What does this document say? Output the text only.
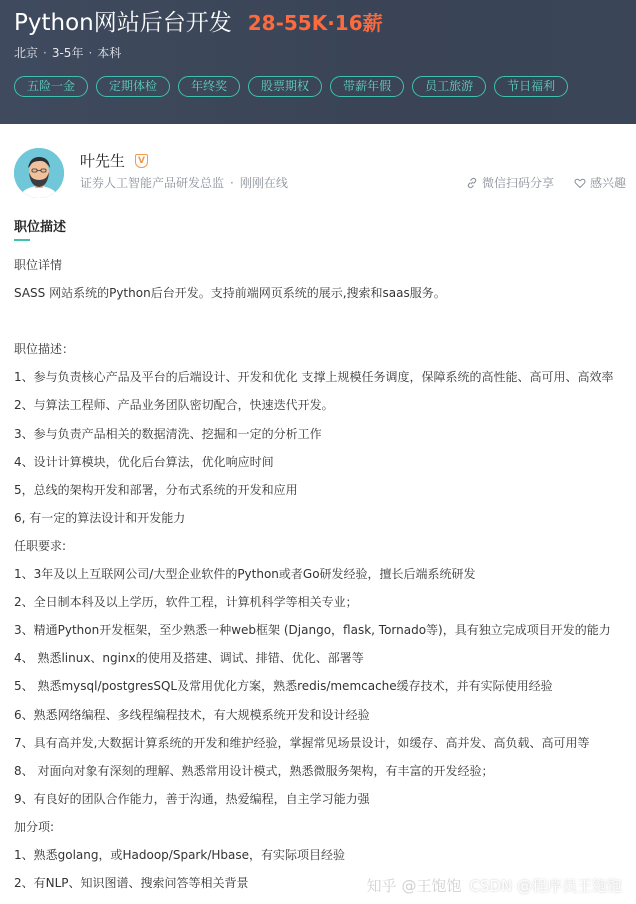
Python网站后台开发 28-55K·16薪
北京 · 3-5年 · 本科
五险一金	定期体检	年终奖	股票期权	带薪年假	员工旅游	节日福利
叶先生	V
证券人工智能产品研发总监 · 刚刚在线	微信扫码分享	感兴趣
职位描述
职位详情
SASS 网站系统的Python后台开发。支持前端网页系统的展示,搜索和saas服务。
职位描述：
1、参与负责核心产品及平台的后端设计、开发和优化 支撑上规模任务调度，保障系统的高性能、高可用、高效率
2、与算法工程师、产品业务团队密切配合，快速迭代开发。
3、参与负责产品相关的数据清洗、挖掘和一定的分析工作
4、设计计算模块，优化后台算法，优化响应时间
5，总线的架构开发和部署，分布式系统的开发和应用
6, 有一定的算法设计和开发能力
任职要求:
1、3年及以上互联网公司/大型企业软件的Python或者Go研发经验，擅长后端系统研发
2、全日制本科及以上学历，软件工程，计算机科学等相关专业；
3、精通Python开发框架，至少熟悉一种web框架 (Django，flask, Tornado等)，具有独立完成项目开发的能力
4、 熟悉linux、nginx的使用及搭建、调试、排错、优化、部署等
5、 熟悉mysql/postgresSQL及常用优化方案，熟悉redis/memcache缓存技术，并有实际使用经验
6、熟悉网络编程、多线程编程技术，有大规模系统开发和设计经验
7、具有高并发,大数据计算系统的开发和维护经验，掌握常见场景设计，如缓存、高并发、高负载、高可用等
8、 对面向对象有深刻的理解、熟悉常用设计模式，熟悉微服务架构，有丰富的开发经验；
9、有良好的团队合作能力，善于沟通，热爱编程，自主学习能力强
加分项:
1、熟悉golang，或Hadoop/Spark/Hbase，有实际项目经验
2、有NLP、知识图谱、搜索问答等相关背景	知乎 @王饱饱 CSDN @程序员王饱饱
